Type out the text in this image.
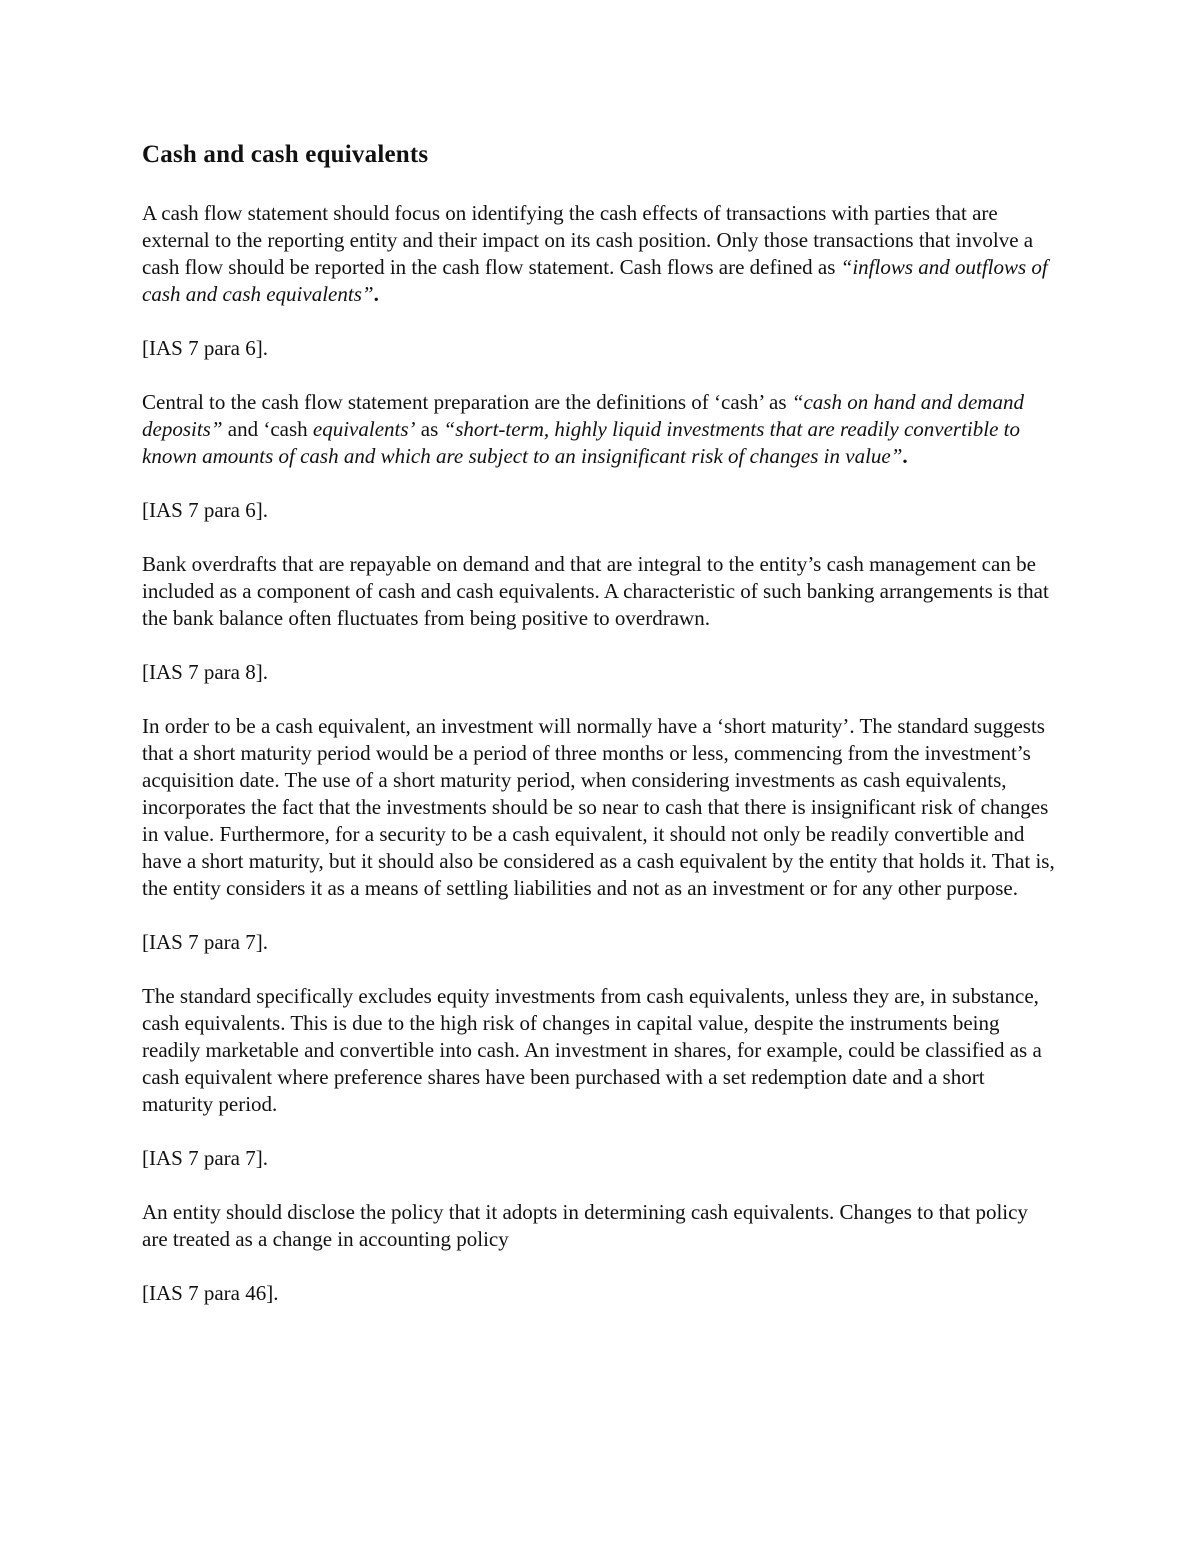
Cash and cash equivalents

A cash flow statement should focus on identifying the cash effects of transactions with parties that are external to the reporting entity and their impact on its cash position. Only those transactions that involve a cash flow should be reported in the cash flow statement. Cash flows are defined as “inflows and outflows of cash and cash equivalents”.

[IAS 7 para 6].

Central to the cash flow statement preparation are the definitions of ‘cash’ as “cash on hand and demand deposits” and ‘cash equivalents’ as “short-term, highly liquid investments that are readily convertible to known amounts of cash and which are subject to an insignificant risk of changes in value”.

[IAS 7 para 6].

Bank overdrafts that are repayable on demand and that are integral to the entity’s cash management can be included as a component of cash and cash equivalents. A characteristic of such banking arrangements is that the bank balance often fluctuates from being positive to overdrawn.

[IAS 7 para 8].

In order to be a cash equivalent, an investment will normally have a ‘short maturity’. The standard suggests that a short maturity period would be a period of three months or less, commencing from the investment’s acquisition date. The use of a short maturity period, when considering investments as cash equivalents, incorporates the fact that the investments should be so near to cash that there is insignificant risk of changes in value. Furthermore, for a security to be a cash equivalent, it should not only be readily convertible and have a short maturity, but it should also be considered as a cash equivalent by the entity that holds it. That is, the entity considers it as a means of settling liabilities and not as an investment or for any other purpose.

[IAS 7 para 7].

The standard specifically excludes equity investments from cash equivalents, unless they are, in substance, cash equivalents. This is due to the high risk of changes in capital value, despite the instruments being readily marketable and convertible into cash. An investment in shares, for example, could be classified as a cash equivalent where preference shares have been purchased with a set redemption date and a short maturity period.

[IAS 7 para 7].

An entity should disclose the policy that it adopts in determining cash equivalents. Changes to that policy are treated as a change in accounting policy

[IAS 7 para 46].
